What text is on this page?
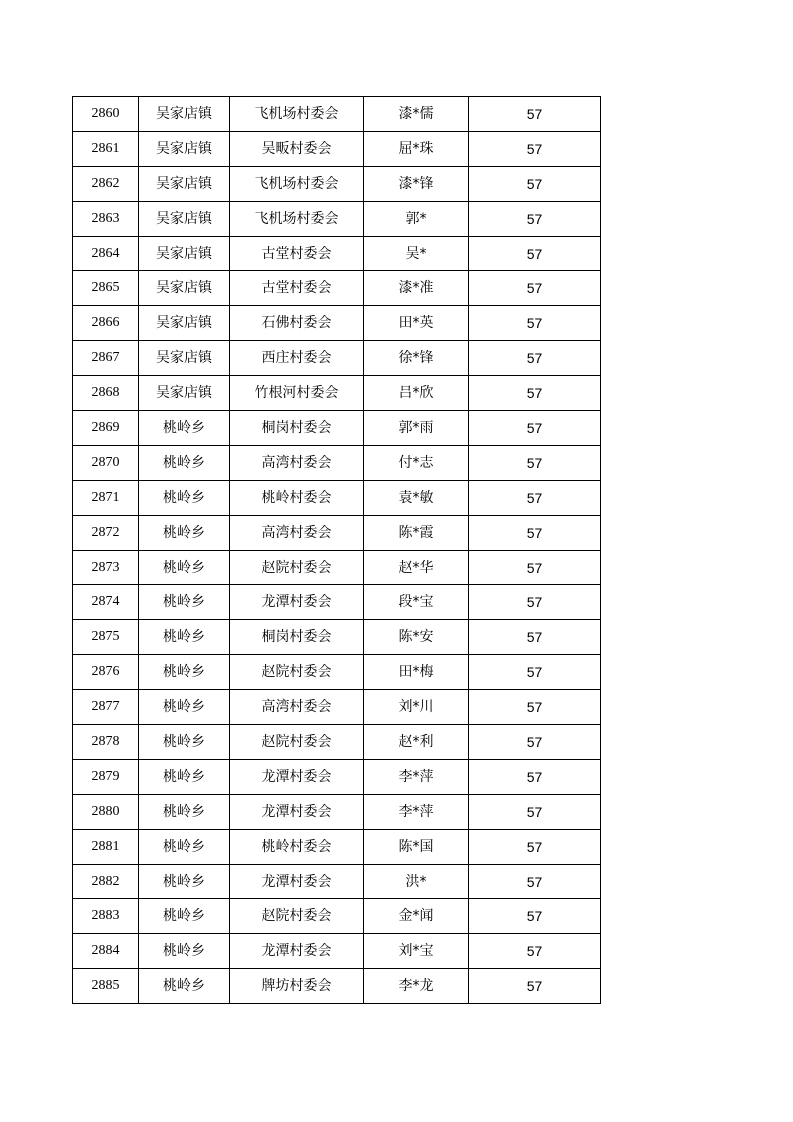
2860	吴家店镇	飞机场村委会	漆*儒	57
2861	吴家店镇	吴畈村委会	屈*珠	57
2862	吴家店镇	飞机场村委会	漆*锋	57
2863	吴家店镇	飞机场村委会	郭*	57
2864	吴家店镇	古堂村委会	吴*	57
2865	吴家店镇	古堂村委会	漆*准	57
2866	吴家店镇	石佛村委会	田*英	57
2867	吴家店镇	西庄村委会	徐*锋	57
2868	吴家店镇	竹根河村委会	吕*欣	57
2869	桃岭乡	桐岗村委会	郭*雨	57
2870	桃岭乡	高湾村委会	付*志	57
2871	桃岭乡	桃岭村委会	袁*敏	57
2872	桃岭乡	高湾村委会	陈*霞	57
2873	桃岭乡	赵院村委会	赵*华	57
2874	桃岭乡	龙潭村委会	段*宝	57
2875	桃岭乡	桐岗村委会	陈*安	57
2876	桃岭乡	赵院村委会	田*梅	57
2877	桃岭乡	高湾村委会	刘*川	57
2878	桃岭乡	赵院村委会	赵*利	57
2879	桃岭乡	龙潭村委会	李*萍	57
2880	桃岭乡	龙潭村委会	李*萍	57
2881	桃岭乡	桃岭村委会	陈*国	57
2882	桃岭乡	龙潭村委会	洪*	57
2883	桃岭乡	赵院村委会	金*闻	57
2884	桃岭乡	龙潭村委会	刘*宝	57
2885	桃岭乡	牌坊村委会	李*龙	57
